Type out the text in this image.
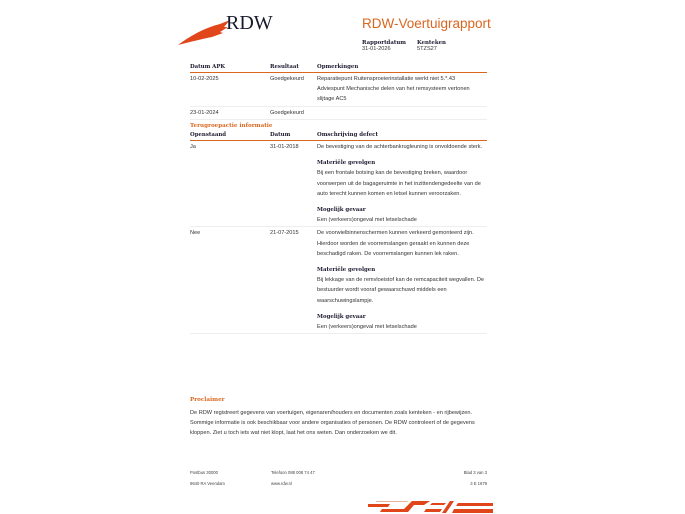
RDW	RDW-Voertuigrapport
Rapportdatum
31-01-2026
Kenteken
5TZS27
Datum APK	Resultaat	Opmerkingen
10-02-2025	Goedgekeurd	Reparatiepunt Ruitensproeierinstallatie werkt niet 5.*.43
Advies​punt Mechanische delen van het remsysteem vertonen slijtage AC5
23-01-2024	Goedgekeurd
Terugroepactie informatie
Openstaand	Datum	Omschrijving defect
Ja	31-01-2018	De bevestiging van de achterbankrugleuning is onvoldoende sterk.
Materiële gevolgen
Bij een frontale botsing kan de bevestiging breken, waardoor voorwerpen uit de bagageruimte in het inzittendengedeelte van de auto terecht kunnen komen en letsel kunnen veroorzaken.
Mogelijk gevaar
Een (verkeers)ongeval met letselschade
Nee	21-07-2015	De voorwielbinnenschermen kunnen verkeerd gemonteerd zijn. Hierdoor worden de voorremslangen geraakt en kunnen deze beschadigd raken. De voorremslangen kunnen lek raken.
Materiële gevolgen
Bij lekkage van de remvloeistof kan de remcapaciteit wegvallen. De bestuurder wordt vooraf gewaarschuwd middels een waarschuwingslampje.
Mogelijk gevaar
Een (verkeers)ongeval met letselschade
Proclaimer
De RDW registreert gegevens van voertuigen, eigenaren/houders en documenten zoals kenteken - en rijbewijzen. Sommige informatie is ook beschikbaar voor andere organisaties of personen. De RDW controleert of de gegevens kloppen. Ziet u toch iets wat niet klopt, laat het ons weten. Dan onderzoeken we dit.
Postbus 30000
9640 RA Veendam
Telefoon 088 008 74 47
www.rdw.nl
Blad 3 van 3
3 E 1679
